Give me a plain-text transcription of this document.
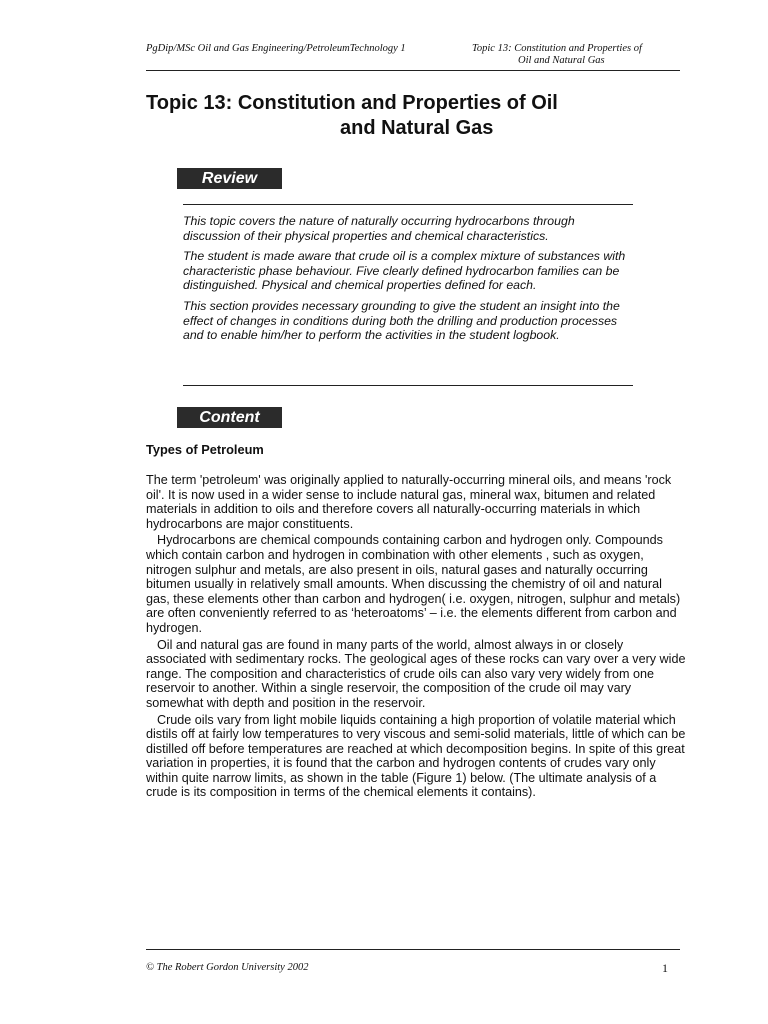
PgDip/MSc Oil and Gas Engineering/PetroleumTechnology 1	Topic 13: Constitution and Properties of
Oil and Natural Gas
Topic 13: Constitution and Properties of Oil
and Natural Gas
Review

This topic covers the nature of naturally occurring hydrocarbons through discussion of their physical properties and chemical characteristics.

The student is made aware that crude oil is a complex mixture of substances with characteristic phase behaviour. Five clearly defined hydrocarbon families can be distinguished. Physical and chemical properties defined for each.

This section provides necessary grounding to give the student an insight into the effect of changes in conditions during both the drilling and production processes and to enable him/her to perform the activities in the student logbook.

Content
Types of Petroleum

The term 'petroleum' was originally applied to naturally-occurring mineral oils, and means 'rock oil'. It is now used in a wider sense to include natural gas, mineral wax, bitumen and related materials in addition to oils and therefore covers all naturally-occurring materials in which hydrocarbons are major constituents.

Hydrocarbons are chemical compounds containing carbon and hydrogen only. Compounds which contain carbon and hydrogen in combination with other elements , such as oxygen, nitrogen sulphur and metals, are also present in oils, natural gases and naturally occurring bitumen usually in relatively small amounts. When discussing the chemistry of oil and natural gas, these elements other than carbon and hydrogen( i.e. oxygen, nitrogen, sulphur and metals) are often conveniently referred to as ‘heteroatoms’ – i.e. the elements different from carbon and hydrogen.

Oil and natural gas are found in many parts of the world, almost always in or closely associated with sedimentary rocks. The geological ages of these rocks can vary over a very wide range. The composition and characteristics of crude oils can also vary very widely from one reservoir to another. Within a single reservoir, the composition of the crude oil may vary somewhat with depth and position in the reservoir.

Crude oils vary from light mobile liquids containing a high proportion of volatile material which distils off at fairly low temperatures to very viscous and semi-solid materials, little of which can be distilled off before temperatures are reached at which decomposition begins. In spite of this great variation in properties, it is found that the carbon and hydrogen contents of crudes vary only within quite narrow limits, as shown in the table (Figure 1) below. (The ultimate analysis of a crude is its composition in terms of the chemical elements it contains).

© The Robert Gordon University 2002	1
